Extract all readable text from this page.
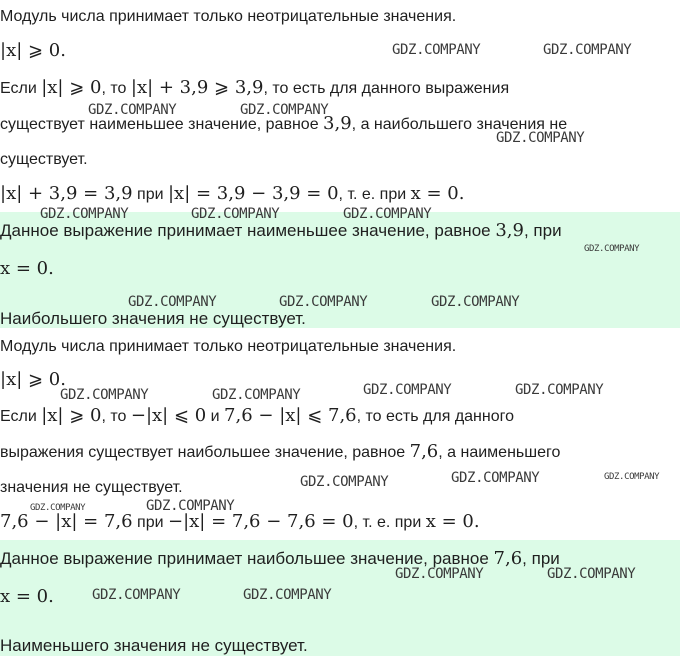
Модуль числа принимает только неотрицательные значения.
|x| ⩾ 0.
Если |x| ⩾ 0, то |x| + 3,9 ⩾ 3,9, то есть для данного выражения
существует наименьшее значение, равное 3,9, а наибольшего значения не
существует.
|x| + 3,9 = 3,9 при |x| = 3,9 − 3,9 = 0, т. е. при x = 0.
Данное выражение принимает наименьшее значение, равное 3,9, при
x = 0.
Наибольшего значения не существует.
Модуль числа принимает только неотрицательные значения.
|x| ⩾ 0.
Если |x| ⩾ 0, то −|x| ⩽ 0 и 7,6 − |x| ⩽ 7,6, то есть для данного
выражения существует наибольшее значение, равное 7,6, а наименьшего
значения не существует.
7,6 − |x| = 7,6 при −|x| = 7,6 − 7,6 = 0, т. е. при x = 0.
Данное выражение принимает наибольшее значение, равное 7,6, при
x = 0.
Наименьшего значения не существует.
GDZ.COMPANY	GDZ.COMPANY
GDZ.COMPANY	GDZ.COMPANY
GDZ.COMPANY
GDZ.COMPANY	GDZ.COMPANY	GDZ.COMPANY
GDZ.COMPANY
GDZ.COMPANY	GDZ.COMPANY	GDZ.COMPANY
GDZ.COMPANY	GDZ.COMPANY	GDZ.COMPANY	GDZ.COMPANY
GDZ.COMPANY
GDZ.COMPANY	GDZ.COMPANY
GDZ.COMPANY	GDZ.COMPANY
GDZ.COMPANY	GDZ.COMPANY
GDZ.COMPANY	GDZ.COMPANY
